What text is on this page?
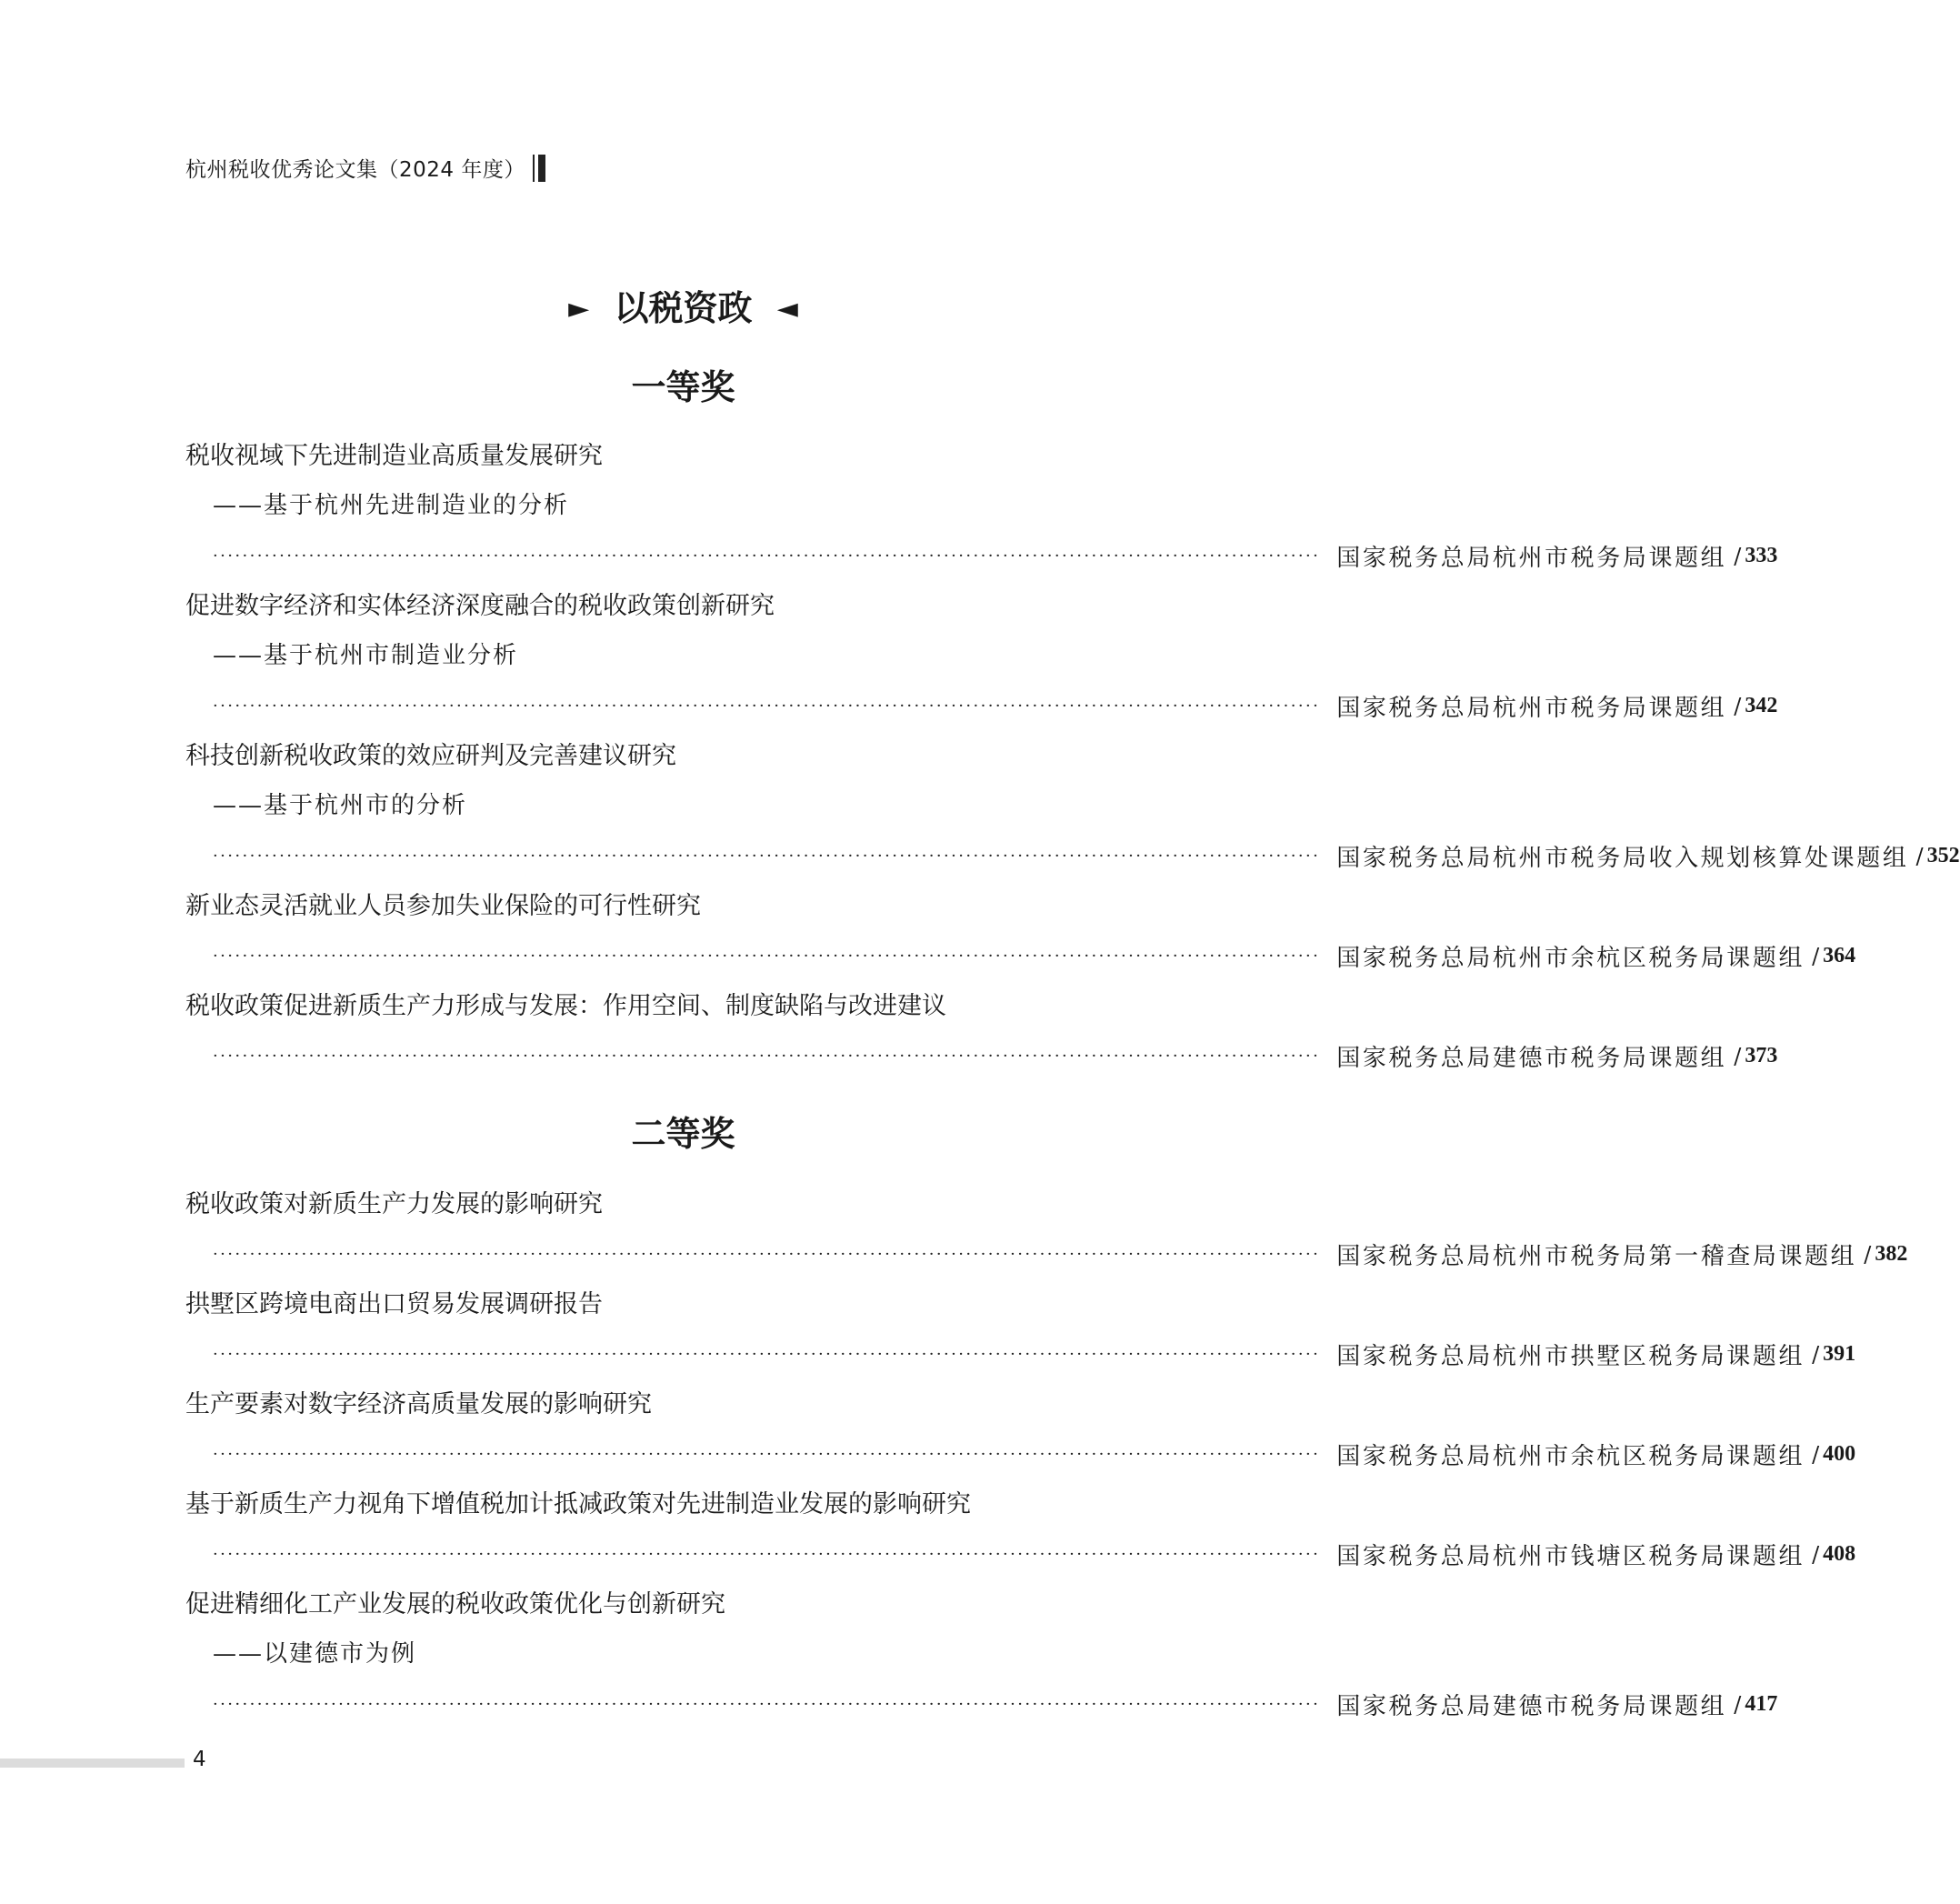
杭州税收优秀论文集（2024 年度）
► 以税资政 ◄
一等奖
税收视域下先进制造业高质量发展研究
——基于杭州先进制造业的分析
······················································································································································ 国家税务总局杭州市税务局课题组 / 333
促进数字经济和实体经济深度融合的税收政策创新研究
——基于杭州市制造业分析
······················································································································································ 国家税务总局杭州市税务局课题组 / 342
科技创新税收政策的效应研判及完善建议研究
——基于杭州市的分析
······················································································································································ 国家税务总局杭州市税务局收入规划核算处课题组 / 352
新业态灵活就业人员参加失业保险的可行性研究
······················································································································································ 国家税务总局杭州市余杭区税务局课题组 / 364
税收政策促进新质生产力形成与发展：作用空间、制度缺陷与改进建议
······················································································································································ 国家税务总局建德市税务局课题组 / 373
二等奖
税收政策对新质生产力发展的影响研究
······················································································································································ 国家税务总局杭州市税务局第一稽查局课题组 / 382
拱墅区跨境电商出口贸易发展调研报告
······················································································································································ 国家税务总局杭州市拱墅区税务局课题组 / 391
生产要素对数字经济高质量发展的影响研究
······················································································································································ 国家税务总局杭州市余杭区税务局课题组 / 400
基于新质生产力视角下增值税加计抵减政策对先进制造业发展的影响研究
······················································································································································ 国家税务总局杭州市钱塘区税务局课题组 / 408
促进精细化工产业发展的税收政策优化与创新研究
——以建德市为例
······················································································································································ 国家税务总局建德市税务局课题组 / 417
4
